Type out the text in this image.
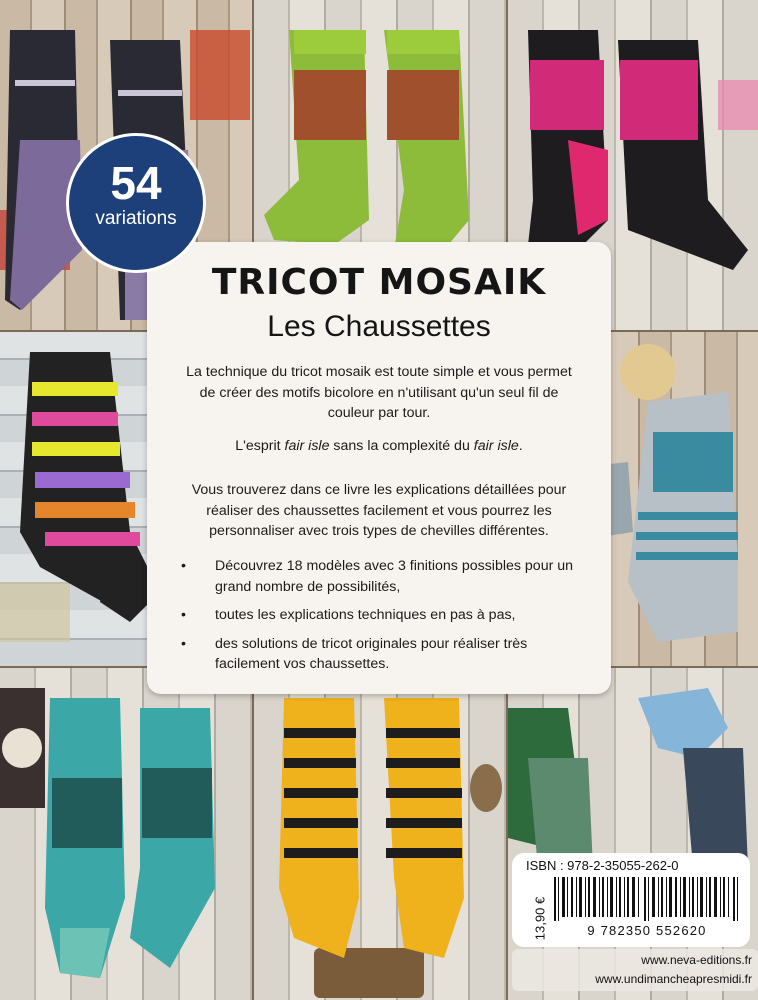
TRICOT MOSAIK
Les Chaussettes

La technique du tricot mosaik est toute simple et vous permet de créer des motifs bicolore en n'utilisant qu'un seul fil de couleur par tour.

L'esprit fair isle sans la complexité du fair isle.

Vous trouverez dans ce livre les explications détaillées pour réaliser des chaussettes facilement et vous pourrez les personnaliser avec trois types de chevilles différentes.

• Découvrez 18 modèles avec 3 finitions possibles pour un grand nombre de possibilités,
• toutes les explications techniques en pas à pas,
• des solutions de tricot originales pour réaliser très facilement vos chaussettes.
54
variations
ISBN : 978-2-35055-262-0
13,90 €	9 782350 552620
www.neva-editions.fr
www.undimancheapresmidi.fr
